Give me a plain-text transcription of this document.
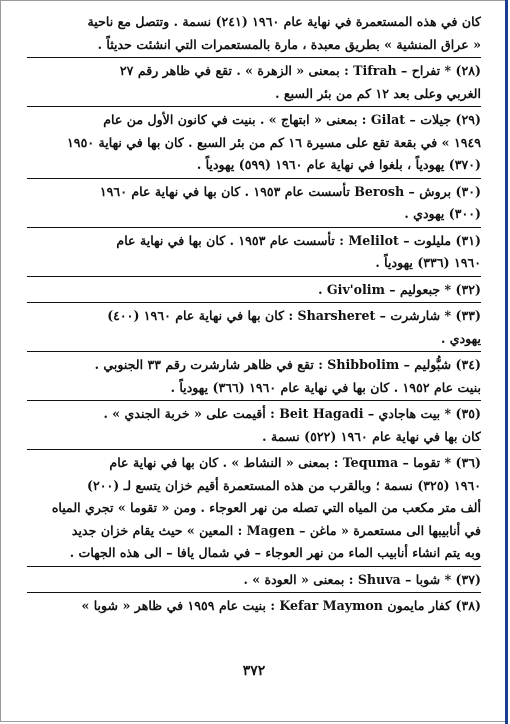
كان في هذه المستعمرة في نهاية عام ١٩٦٠ (٢٤١) نسمة . وتتصل مع ناحية
« عراق المنشية » بطريق معبدة ، مارة بالمستعمرات التي انشئت حديثاً .
(٢٨) * تفراح – Tifrah : بمعنى « الزهرة » . تقع في ظاهر رقم ٢٧
الغربي وعلى بعد ١٢ كم من بئر السبع .
(٢٩) جيلات – Gilat : بمعنى « ابتهاج » . بنيت في كانون الأول من عام
١٩٤٩ » في بقعة تقع على مسيرة ١٦ كم من بئر السبع . كان بها في نهاية ١٩٥٠
(٣٧٠) يهودياً ، بلغوا في نهاية عام ١٩٦٠ (٥٩٩) يهودياً .
(٣٠) بروش – Berosh تأسست عام ١٩٥٣ . كان بها في نهاية عام ١٩٦٠
(٣٠٠) يهودي .
(٣١) مليلوت – Melilot : تأسست عام ١٩٥٣ . كان بها في نهاية عام
١٩٦٠ (٣٣٦) يهودياً .
(٣٢) * جبعوليم – Giv'olim .
(٣٣) * شارشرت – Sharsheret : كان بها في نهاية عام ١٩٦٠ (٤٠٠)
يهودي .
(٣٤) شبُّوليم – Shibbolim : تقع في ظاهر شارشرت رقم ٣٣ الجنوبي .
بنيت عام ١٩٥٢ . كان بها في نهاية عام ١٩٦٠ (٣٦٦) يهودياً .
(٣٥) * بيت هاجادي – Beit Hagadi : أقيمت على « خربة الجندي » .
كان بها في نهاية عام ١٩٦٠ (٥٢٢) نسمة .
(٣٦) * تقوما – Tequma : بمعنى « النشاط » . كان بها في نهاية عام
١٩٦٠ (٣٢٥) نسمة ؛ وبالقرب من هذه المستعمرة أقيم خزان يتسع لـ (٢٠٠)
ألف متر مكعب من المياه التي تصله من نهر العوجاء . ومن « تقوما » تجري المياه
في أنابيبها الى مستعمرة « ماغن – Magen : المعين » حيث يقام خزان جديد
وبه يتم انشاء أنابيب الماء من نهر العوجاء – في شمال يافا – الى هذه الجهات .
(٣٧) * شوبا – Shuva : بمعنى « العودة » .
(٣٨) كفار مايمون Kefar Maymon : بنيت عام ١٩٥٩ في ظاهر « شوبا »
٣٧٢
